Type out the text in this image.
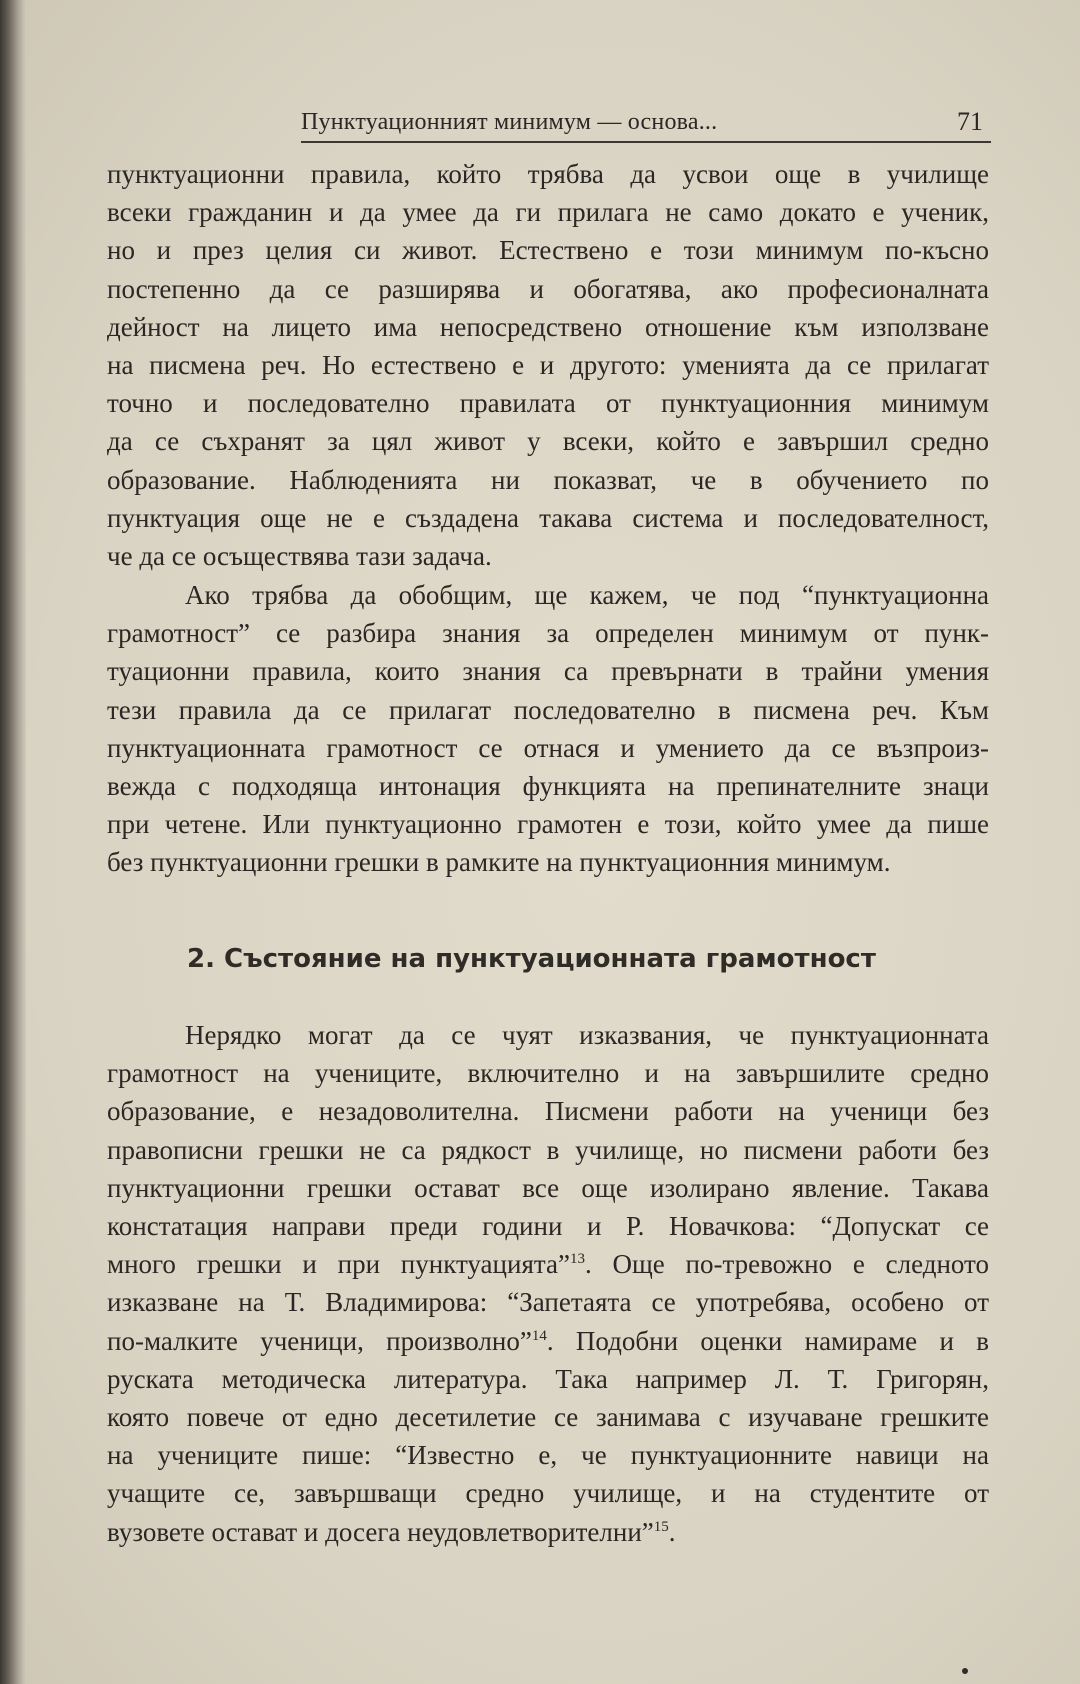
Пунктуационният минимум — основа...	71

пунктуационни правила, който трябва да усвои още в училище

всеки гражданин и да умее да ги прилага не само докато е ученик,

но и през целия си живот. Естествено е този минимум по-късно

постепенно да се разширява и обогатява, ако професионалната

дейност на лицето има непосредствено отношение към използване

на писмена реч. Но естествено е и другото: уменията да се прилагат

точно и последователно правилата от пунктуационния минимум

да се съхранят за цял живот у всеки, който е завършил средно

образование. Наблюденията ни показват, че в обучението по

пунктуация още не е създадена такава система и последователност,

че да се осъществява тази задача.

Ако трябва да обобщим, ще кажем, че под “пунктуационна

грамотност” се разбира знания за определен минимум от пунк-

туационни правила, които знания са превърнати в трайни умения

тези правила да се прилагат последователно в писмена реч. Към

пунктуационната грамотност се отнася и умението да се възпроиз-

вежда с подходяща интонация функцията на препинателните знаци

при четене. Или пунктуационно грамотен е този, който умее да пише

без пунктуационни грешки в рамките на пунктуационния минимум.

2. Състояние на пунктуационната грамотност

Нерядко могат да се чуят изказвания, че пунктуационната

грамотност на учениците, включително и на завършилите средно

образование, е незадоволителна. Писмени работи на ученици без

правописни грешки не са рядкост в училище, но писмени работи без

пунктуационни грешки остават все още изолирано явление. Такава

констатация направи преди години и Р. Новачкова: “Допускат се

много грешки и при пунктуацията”$^{13}$. Още по-тревожно е следното

изказване на Т. Владимирова: “Запетаята се употребява, особено от

по-малките ученици, произволно”$^{14}$. Подобни оценки намираме и в

руската методическа литература. Така например Л. Т. Григорян,

която повече от едно десетилетие се занимава с изучаване грешките

на учениците пише: “Известно е, че пунктуационните навици на

учащите се, завършващи средно училище, и на студентите от

вузовете остават и досега неудовлетворителни”$^{15}$.
